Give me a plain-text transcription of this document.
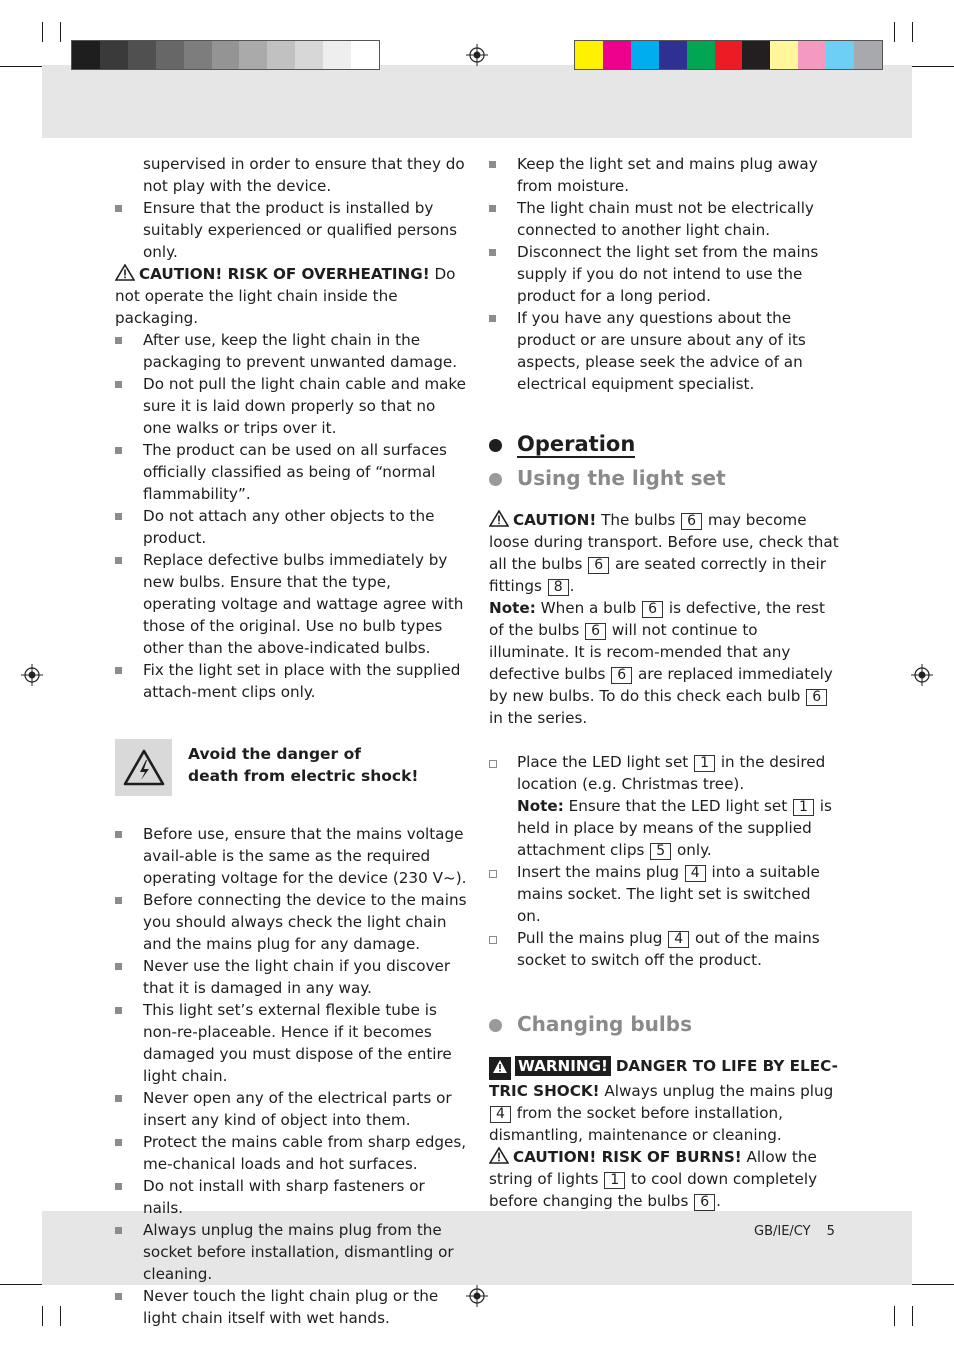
supervised in order to ensure that they do not play with the device.
Ensure that the product is installed by suitably experienced or qualified persons only.
CAUTION! RISK OF OVERHEATING! Do not operate the light chain inside the packaging.
After use, keep the light chain in the packaging to prevent unwanted damage.
Do not pull the light chain cable and make sure it is laid down properly so that no one walks or trips over it.
The product can be used on all surfaces officially classified as being of “normal flammability”.
Do not attach any other objects to the product.
Replace defective bulbs immediately by new bulbs. Ensure that the type, operating voltage and wattage agree with those of the original. Use no bulb types other than the above-indicated bulbs.
Fix the light set in place with the supplied attach-ment clips only.
Avoid the danger of
death from electric shock!
Before use, ensure that the mains voltage avail-able is the same as the required operating voltage for the device (230 V~).
Before connecting the device to the mains you should always check the light chain and the mains plug for any damage.
Never use the light chain if you discover that it is damaged in any way.
This light set’s external flexible tube is non-re-placeable. Hence if it becomes damaged you must dispose of the entire light chain.
Never open any of the electrical parts or insert any kind of object into them.
Protect the mains cable from sharp edges, me-chanical loads and hot surfaces.
Do not install with sharp fasteners or nails.
Always unplug the mains plug from the socket before installation, dismantling or cleaning.
Never touch the light chain plug or the light chain itself with wet hands.
Keep the light set and mains plug away from moisture.
The light chain must not be electrically connected to another light chain.
Disconnect the light set from the mains supply if you do not intend to use the product for a long period.
If you have any questions about the product or are unsure about any of its aspects, please seek the advice of an electrical equipment specialist.
Operation
Using the light set
CAUTION! The bulbs 6 may become loose during transport. Before use, check that all the bulbs 6 are seated correctly in their fittings 8 .
Note: When a bulb 6 is defective, the rest of the bulbs 6 will not continue to illuminate. It is recom-mended that any defective bulbs 6 are replaced immediately by new bulbs. To do this check each bulb 6 in the series.
Place the LED light set 1 in the desired location (e.g. Christmas tree).
Note: Ensure that the LED light set 1 is held in place by means of the supplied attachment clips 5 only.
Insert the mains plug 4 into a suitable mains socket. The light set is switched on.
Pull the mains plug 4 out of the mains socket to switch off the product.
Changing bulbs
WARNING! DANGER TO LIFE BY ELEC-TRIC SHOCK! Always unplug the mains plug 4 from the socket before installation, dismantling, maintenance or cleaning.
CAUTION! RISK OF BURNS! Allow the string of lights 1 to cool down completely before changing the bulbs 6 .
GB/IE/CY 5
